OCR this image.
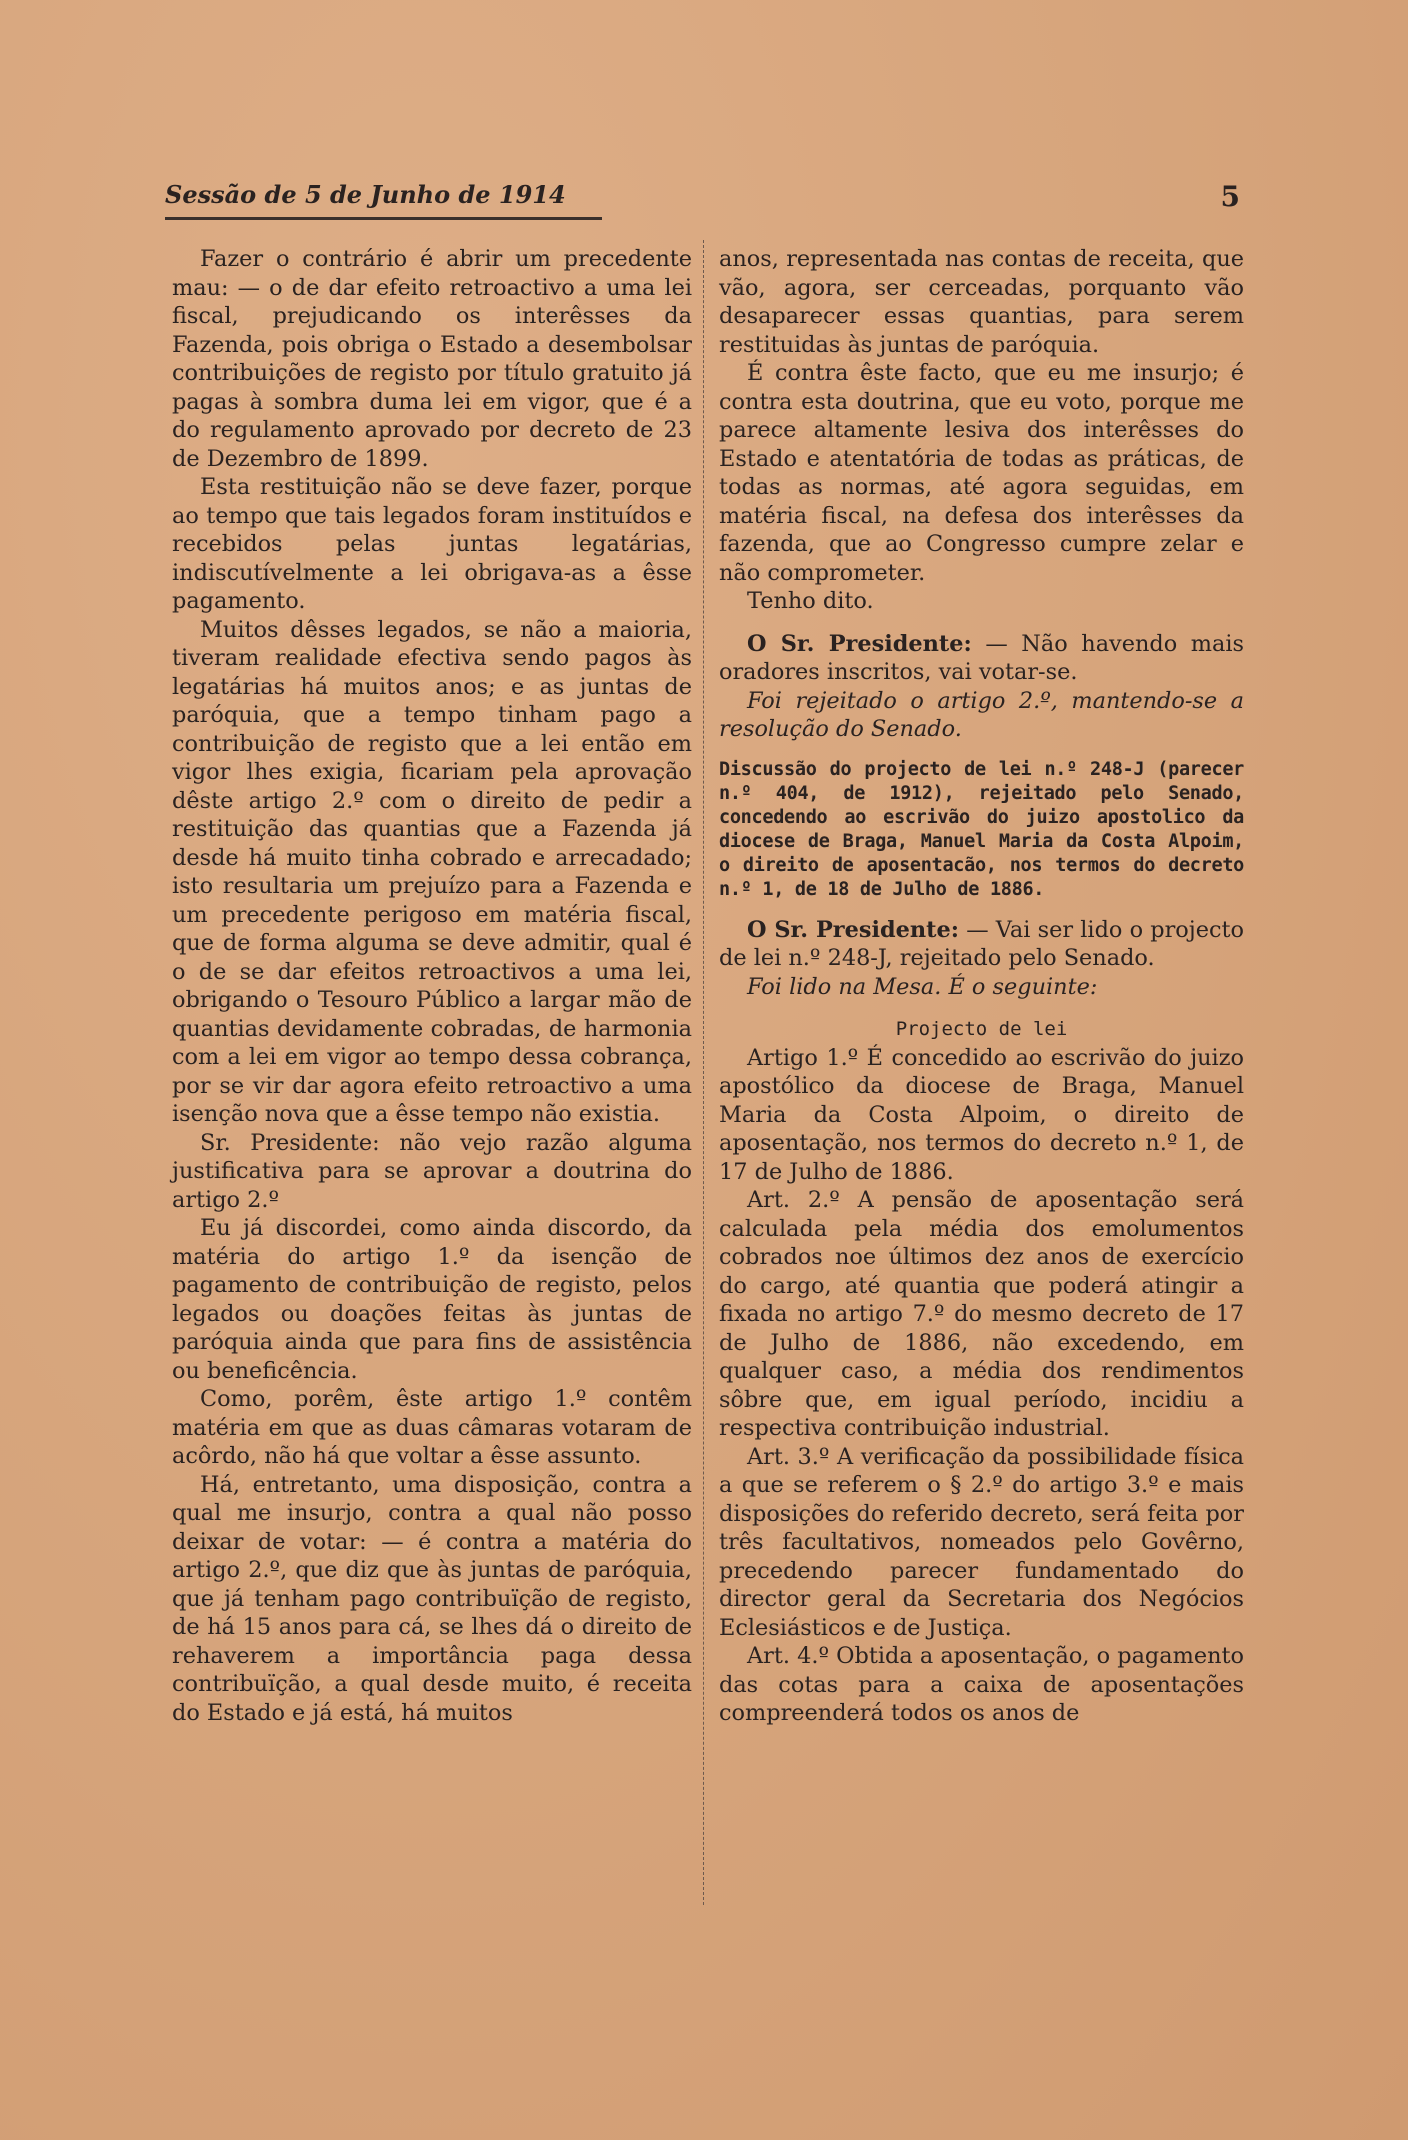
Sessão de 5 de Junho de 1914	5

Fazer o contrário é abrir um precedente mau: — o de dar efeito retroactivo a uma lei fiscal, prejudicando os interêsses da Fazenda, pois obriga o Estado a desembolsar contribuições de registo por título gratuito já pagas à sombra duma lei em vigor, que é a do regulamento aprovado por decreto de 23 de Dezembro de 1899.

Esta restituição não se deve fazer, porque ao tempo que tais legados foram instituídos e recebidos pelas juntas legatárias, indiscutívelmente a lei obrigava-as a êsse pagamento.

Muitos dêsses legados, se não a maioria, tiveram realidade efectiva sendo pagos às legatárias há muitos anos; e as juntas de paróquia, que a tempo tinham pago a contribuição de registo que a lei então em vigor lhes exigia, ficariam pela aprovação dêste artigo 2.º com o direito de pedir a restituição das quantias que a Fazenda já desde há muito tinha cobrado e arrecadado; isto resultaria um prejuízo para a Fazenda e um precedente perigoso em matéria fiscal, que de forma alguma se deve admitir, qual é o de se dar efeitos retroactivos a uma lei, obrigando o Tesouro Público a largar mão de quantias devidamente cobradas, de harmonia com a lei em vigor ao tempo dessa cobrança, por se vir dar agora efeito retroactivo a uma isenção nova que a êsse tempo não existia.

Sr. Presidente: não vejo razão alguma justificativa para se aprovar a doutrina do artigo 2.º

Eu já discordei, como ainda discordo, da matéria do artigo 1.º da isenção de pagamento de contribuição de registo, pelos legados ou doações feitas às juntas de paróquia ainda que para fins de assistência ou beneficência.

Como, porêm, êste artigo 1.º contêm matéria em que as duas câmaras votaram de acôrdo, não há que voltar a êsse assunto.

Há, entretanto, uma disposição, contra a qual me insurjo, contra a qual não posso deixar de votar: — é contra a matéria do artigo 2.º, que diz que às juntas de paróquia, que já tenham pago contribuïção de registo, de há 15 anos para cá, se lhes dá o direito de rehaverem a importância paga dessa contribuïção, a qual desde muito, é receita do Estado e já está, há muitos

anos, representada nas contas de receita, que vão, agora, ser cerceadas, porquanto vão desaparecer essas quantias, para serem restituidas às juntas de paróquia.

É contra êste facto, que eu me insurjo; é contra esta doutrina, que eu voto, porque me parece altamente lesiva dos interêsses do Estado e atentatória de todas as práticas, de todas as normas, até agora seguidas, em matéria fiscal, na defesa dos interêsses da fazenda, que ao Congresso cumpre zelar e não comprometer.

Tenho dito.

O Sr. Presidente: — Não havendo mais oradores inscritos, vai votar-se.

Foi rejeitado o artigo 2.º, mantendo-se a resolução do Senado.

Discussão do projecto de lei n.º 248-J (parecer n.º 404, de 1912), rejeitado pelo Senado, concedendo ao escrivão do juizo apostolico da diocese de Braga, Manuel Maria da Costa Alpoim, o direito de aposentacão, nos termos do decreto n.º 1, de 18 de Julho de 1886.

O Sr. Presidente: — Vai ser lido o projecto de lei n.º 248-J, rejeitado pelo Senado.

Foi lido na Mesa. É o seguinte:

Projecto de lei

Artigo 1.º É concedido ao escrivão do juizo apostólico da diocese de Braga, Manuel Maria da Costa Alpoim, o direito de aposentação, nos termos do decreto n.º 1, de 17 de Julho de 1886.

Art. 2.º A pensão de aposentação será calculada pela média dos emolumentos cobrados noe últimos dez anos de exercício do cargo, até quantia que poderá atingir a fixada no artigo 7.º do mesmo decreto de 17 de Julho de 1886, não excedendo, em qualquer caso, a média dos rendimentos sôbre que, em igual período, incidiu a respectiva contribuição industrial.

Art. 3.º A verificação da possibilidade física a que se referem o § 2.º do artigo 3.º e mais disposições do referido decreto, será feita por três facultativos, nomeados pelo Govêrno, precedendo parecer fundamentado do director geral da Secretaria dos Negócios Eclesiásticos e de Justiça.

Art. 4.º Obtida a aposentação, o pagamento das cotas para a caixa de aposentações compreenderá todos os anos de
